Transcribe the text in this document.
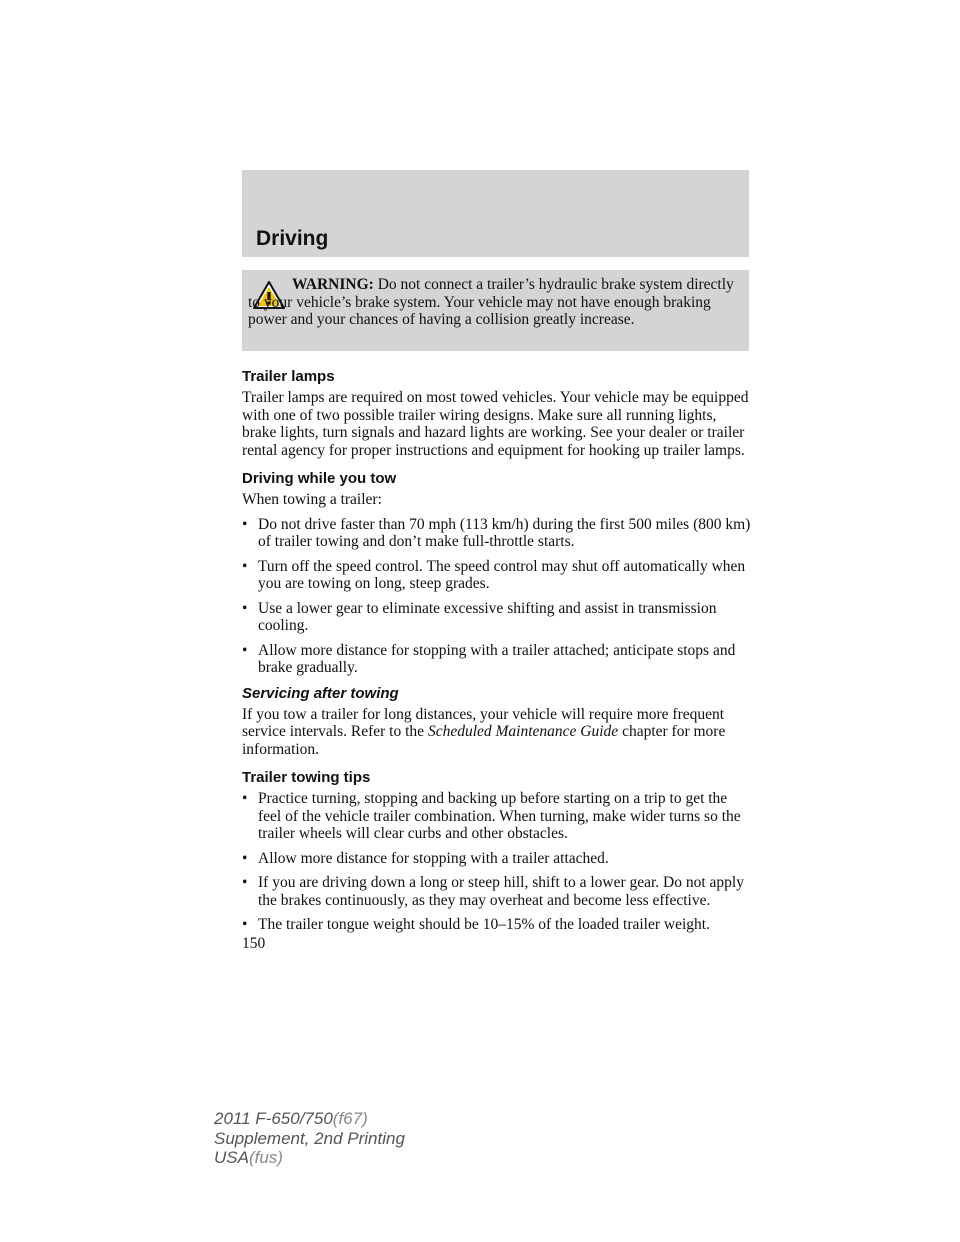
Driving
WARNING: Do not connect a trailer’s hydraulic brake system directly to your vehicle’s brake system. Your vehicle may not have enough braking power and your chances of having a collision greatly increase.
Trailer lamps

Trailer lamps are required on most towed vehicles. Your vehicle may be equipped with one of two possible trailer wiring designs. Make sure all running lights, brake lights, turn signals and hazard lights are working. See your dealer or trailer rental agency for proper instructions and equipment for hooking up trailer lamps.

Driving while you tow

When towing a trailer:

• Do not drive faster than 70 mph (113 km/h) during the first 500 miles (800 km) of trailer towing and don’t make full-throttle starts.
• Turn off the speed control. The speed control may shut off automatically when you are towing on long, steep grades.
• Use a lower gear to eliminate excessive shifting and assist in transmission cooling.
• Allow more distance for stopping with a trailer attached; anticipate stops and brake gradually.
Servicing after towing

If you tow a trailer for long distances, your vehicle will require more frequent service intervals. Refer to the Scheduled Maintenance Guide chapter for more information.

Trailer towing tips
• Practice turning, stopping and backing up before starting on a trip to get the feel of the vehicle trailer combination. When turning, make wider turns so the trailer wheels will clear curbs and other obstacles.
• Allow more distance for stopping with a trailer attached.
• If you are driving down a long or steep hill, shift to a lower gear. Do not apply the brakes continuously, as they may overheat and become less effective.
• The trailer tongue weight should be 10–15% of the loaded trailer weight.
150
2011 F-650/750(f67)
Supplement, 2nd Printing
USA(fus)
